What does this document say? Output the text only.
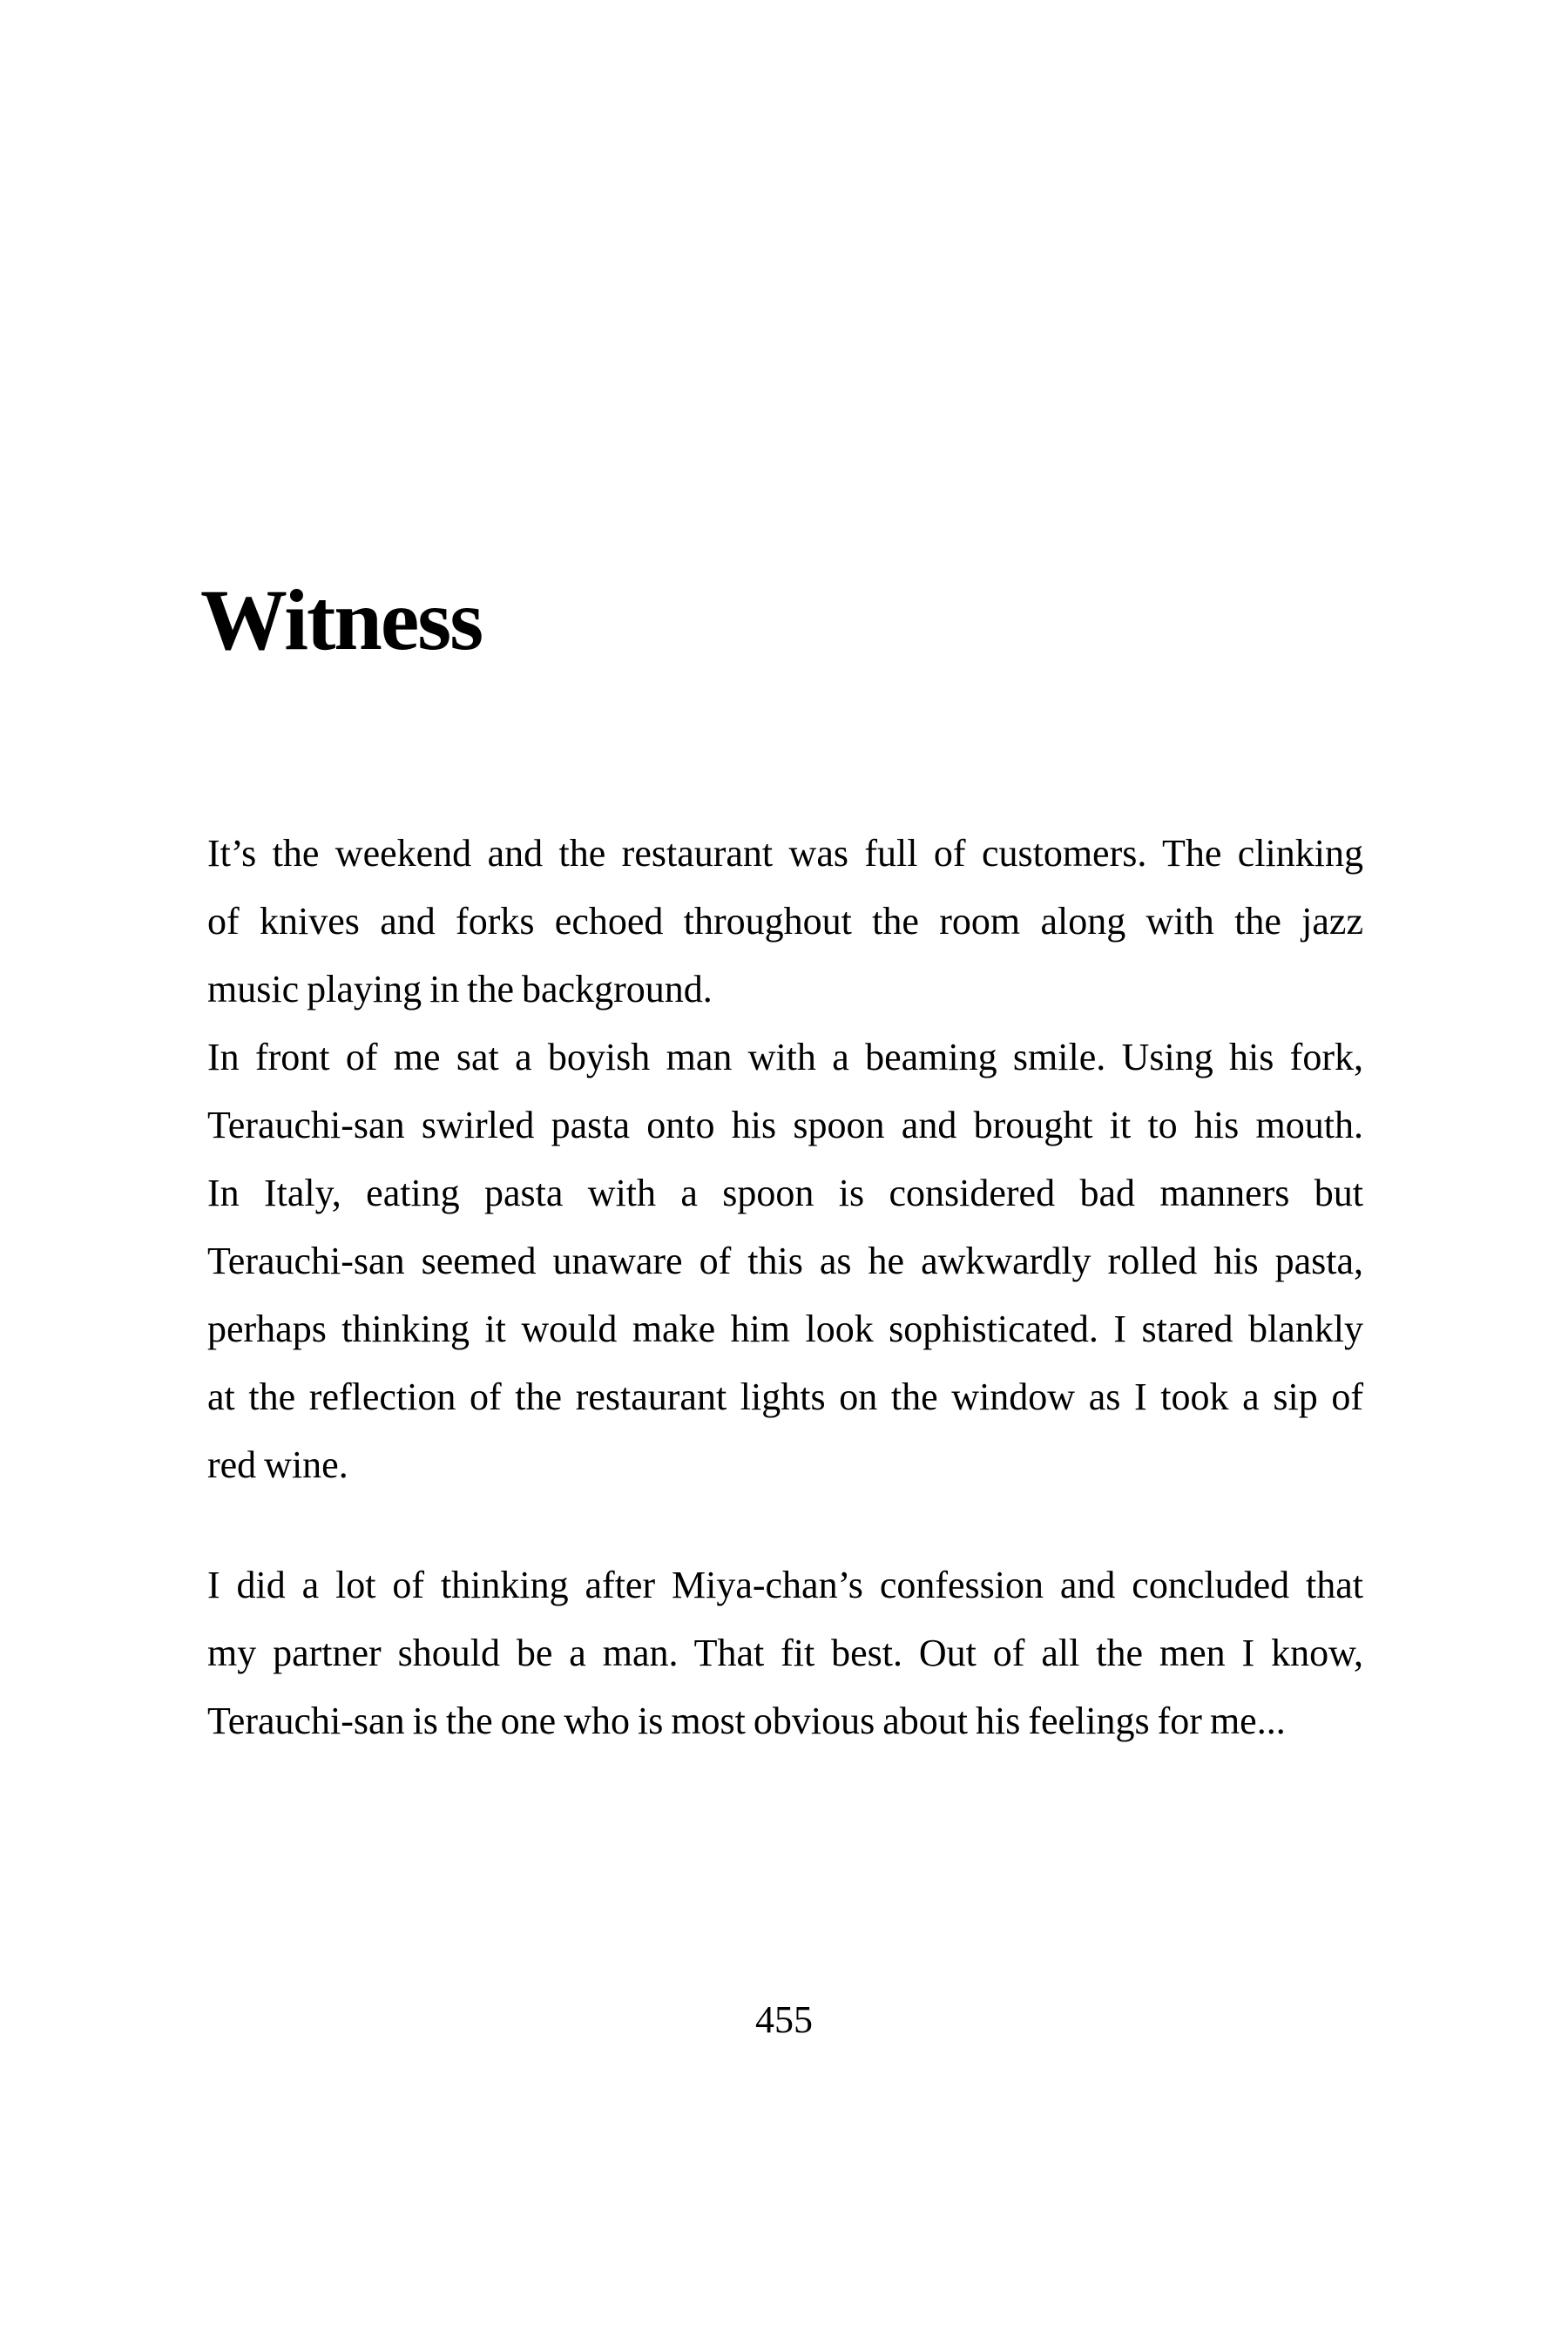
Witness
It’s the weekend and the restaurant was full of customers. The clinking
of knives and forks echoed throughout the room along with the jazz
music playing in the background.
In front of me sat a boyish man with a beaming smile. Using his fork,
Terauchi-san swirled pasta onto his spoon and brought it to his mouth.
In Italy, eating pasta with a spoon is considered bad manners but
Terauchi-san seemed unaware of this as he awkwardly rolled his pasta,
perhaps thinking it would make him look sophisticated. I stared blankly
at the reflection of the restaurant lights on the window as I took a sip of
red wine.
I did a lot of thinking after Miya-chan’s confession and concluded that
my partner should be a man. That fit best. Out of all the men I know,
Terauchi-san is the one who is most obvious about his feelings for me...
455
